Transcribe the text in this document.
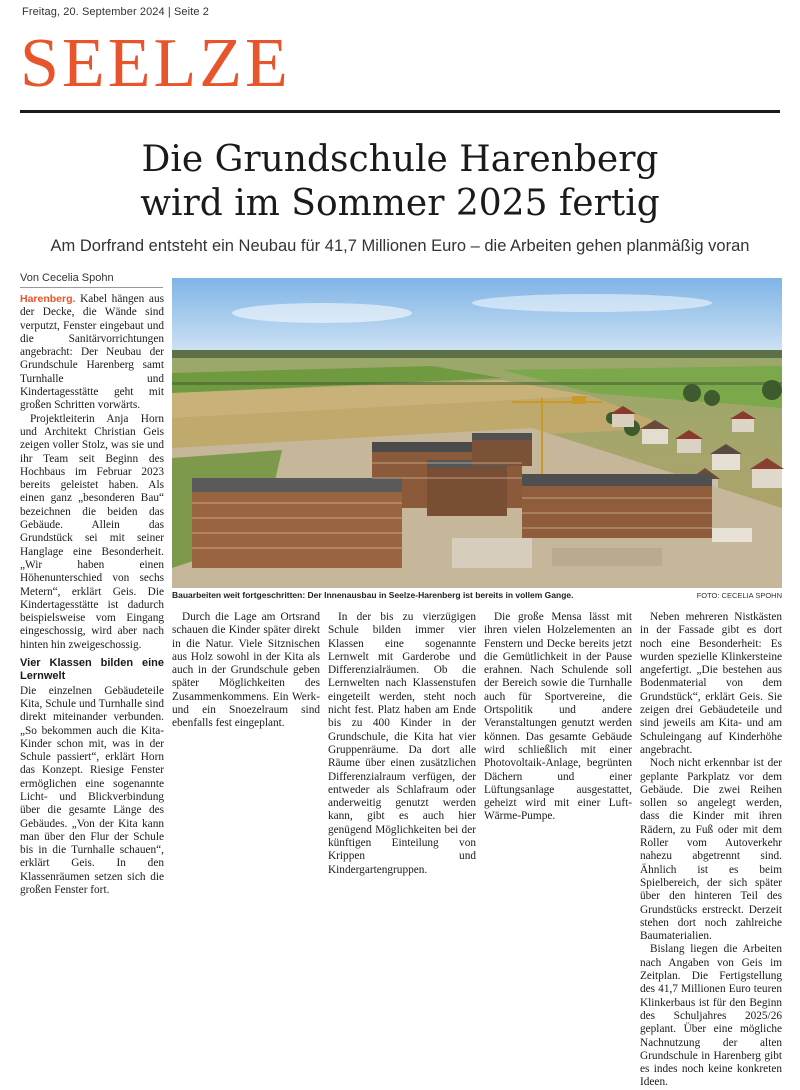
Freitag, 20. September 2024 | Seite 2
SEELZE
Die Grundschule Harenberg
wird im Sommer 2025 fertig
Am Dorfrand entsteht ein Neubau für 41,7 Millionen Euro – die Arbeiten gehen planmäßig voran
Von Cecelia Spohn

Harenberg. Kabel hängen aus der Decke, die Wände sind verputzt, Fenster eingebaut und die Sanitärvorrichtungen angebracht: Der Neubau der Grundschule Harenberg samt Turnhalle und Kindertagesstätte geht mit großen Schritten vorwärts.

Projektleiterin Anja Horn und Architekt Christian Geis zeigen voller Stolz, was sie und ihr Team seit Beginn des Hochbaus im Februar 2023 bereits geleistet haben. Als einen ganz „besonderen Bau“ bezeichnen die beiden das Gebäude. Allein das Grundstück sei mit seiner Hanglage eine Besonderheit. „Wir haben einen Höhenunterschied von sechs Metern“, erklärt Geis. Die Kindertagesstätte ist dadurch beispielsweise vom Eingang eingeschossig, wird aber nach hinten hin zweigeschossig.

Vier Klassen bilden eine Lernwelt

Die einzelnen Gebäudeteile Kita, Schule und Turnhalle sind direkt miteinander verbunden. „So bekommen auch die Kita-Kinder schon mit, was in der Schule passiert“, erklärt Horn das Konzept. Riesige Fenster ermöglichen eine sogenannte Licht- und Blickverbindung über die gesamte Länge des Gebäudes. „Von der Kita kann man über den Flur der Schule bis in die Turnhalle schauen“, erklärt Geis. In den Klassenräumen setzen sich die großen Fenster fort.

Bauarbeiten weit fortgeschritten: Der Innenausbau in Seelze-Harenberg ist bereits in vollem Gange.	FOTO: CECELIA SPOHN

Durch die Lage am Ortsrand schauen die Kinder später direkt in die Natur. Viele Sitznischen aus Holz sowohl in der Kita als auch in der Grundschule geben später Möglichkeiten des Zusammenkommens. Ein Werk- und ein Snoezelraum sind ebenfalls fest eingeplant.

In der bis zu vierzügigen Schule bilden immer vier Klassen eine sogenannte Lernwelt mit Garderobe und Differenzialräumen. Ob die Lernwelten nach Klassenstufen eingeteilt werden, steht noch nicht fest. Platz haben am Ende bis zu 400 Kinder in der Grundschule, die Kita hat vier Gruppenräume. Da dort alle Räume über einen zusätzlichen Differenzialraum verfügen, der entweder als Schlafraum oder anderweitig genutzt werden kann, gibt es auch hier genügend Möglichkeiten bei der künftigen Einteilung von Krippen und Kindergartengruppen.

Die große Mensa lässt mit ihren vielen Holzelementen an Fenstern und Decke bereits jetzt die Gemütlichkeit in der Pause erahnen. Nach Schulende soll der Bereich sowie die Turnhalle auch für Sportvereine, die Ortspolitik und andere Veranstaltungen genutzt werden können. Das gesamte Gebäude wird schließlich mit einer Photovoltaik-Anlage, begrünten Dächern und einer Lüftungsanlage ausgestattet, geheizt wird mit einer Luft-Wärme-Pumpe.

Neben mehreren Nistkästen in der Fassade gibt es dort noch eine Besonderheit: Es wurden spezielle Klinkersteine angefertigt. „Die bestehen aus Bodenmaterial von dem Grundstück“, erklärt Geis. Sie zeigen drei Gebäudeteile und sind jeweils am Kita- und am Schuleingang auf Kinderhöhe angebracht.

Noch nicht erkennbar ist der geplante Parkplatz vor dem Gebäude. Die zwei Reihen sollen so angelegt werden, dass die Kinder mit ihren Rädern, zu Fuß oder mit dem Roller vom Autoverkehr nahezu abgetrennt sind. Ähnlich ist es beim Spielbereich, der sich später über den hinteren Teil des Grundstücks erstreckt. Derzeit stehen dort noch zahlreiche Baumaterialien.

Bislang liegen die Arbeiten nach Angaben von Geis im Zeitplan. Die Fertigstellung des 41,7 Millionen Euro teuren Klinkerbaus ist für den Beginn des Schuljahres 2025/26 geplant. Über eine mögliche Nachnutzung der alten Grundschule in Harenberg gibt es indes noch keine konkreten Ideen.
